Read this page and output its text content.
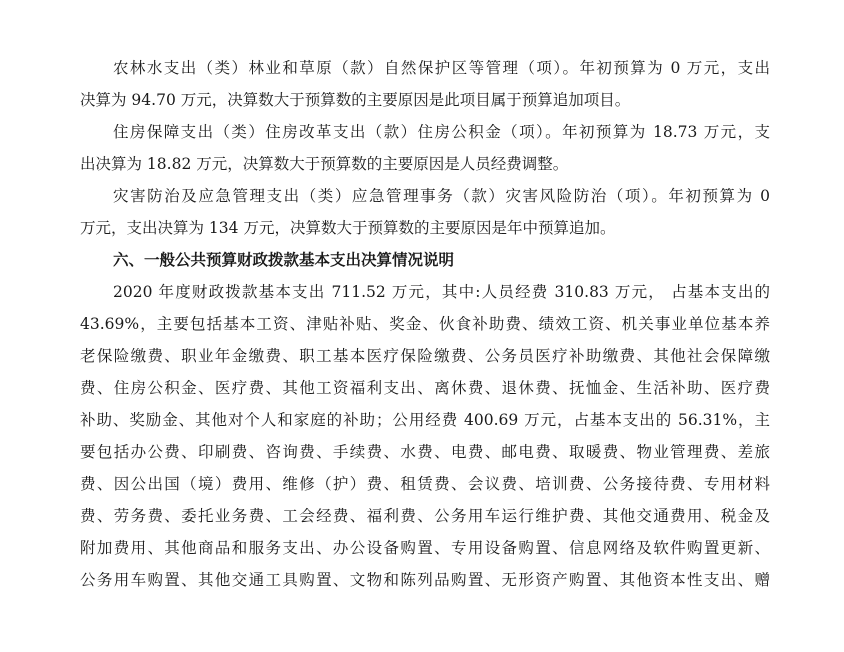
农林水支出（类）林业和草原（款）自然保护区等管理（项）。年初预算为 0 万元，支出
决算为 94.70 万元，决算数大于预算数的主要原因是此项目属于预算追加项目。
住房保障支出（类）住房改革支出（款）住房公积金（项）。年初预算为 18.73 万元，支
出决算为 18.82 万元，决算数大于预算数的主要原因是人员经费调整。
灾害防治及应急管理支出（类）应急管理事务（款）灾害风险防治（项）。年初预算为 0
万元，支出决算为 134 万元，决算数大于预算数的主要原因是年中预算追加。
六、一般公共预算财政拨款基本支出决算情况说明
2020 年度财政拨款基本支出 711.52 万元，其中:人员经费 310.83 万元， 占基本支出的
43.69%，主要包括基本工资、津贴补贴、奖金、伙食补助费、绩效工资、机关事业单位基本养
老保险缴费、职业年金缴费、职工基本医疗保险缴费、公务员医疗补助缴费、其他社会保障缴
费、住房公积金、医疗费、其他工资福利支出、离休费、退休费、抚恤金、生活补助、医疗费
补助、奖励金、其他对个人和家庭的补助；公用经费 400.69 万元，占基本支出的 56.31%，主
要包括办公费、印刷费、咨询费、手续费、水费、电费、邮电费、取暖费、物业管理费、差旅
费、因公出国（境）费用、维修（护）费、租赁费、会议费、培训费、公务接待费、专用材料
费、劳务费、委托业务费、工会经费、福利费、公务用车运行维护费、其他交通费用、税金及
附加费用、其他商品和服务支出、办公设备购置、专用设备购置、信息网络及软件购置更新、
公务用车购置、其他交通工具购置、文物和陈列品购置、无形资产购置、其他资本性支出、赠
